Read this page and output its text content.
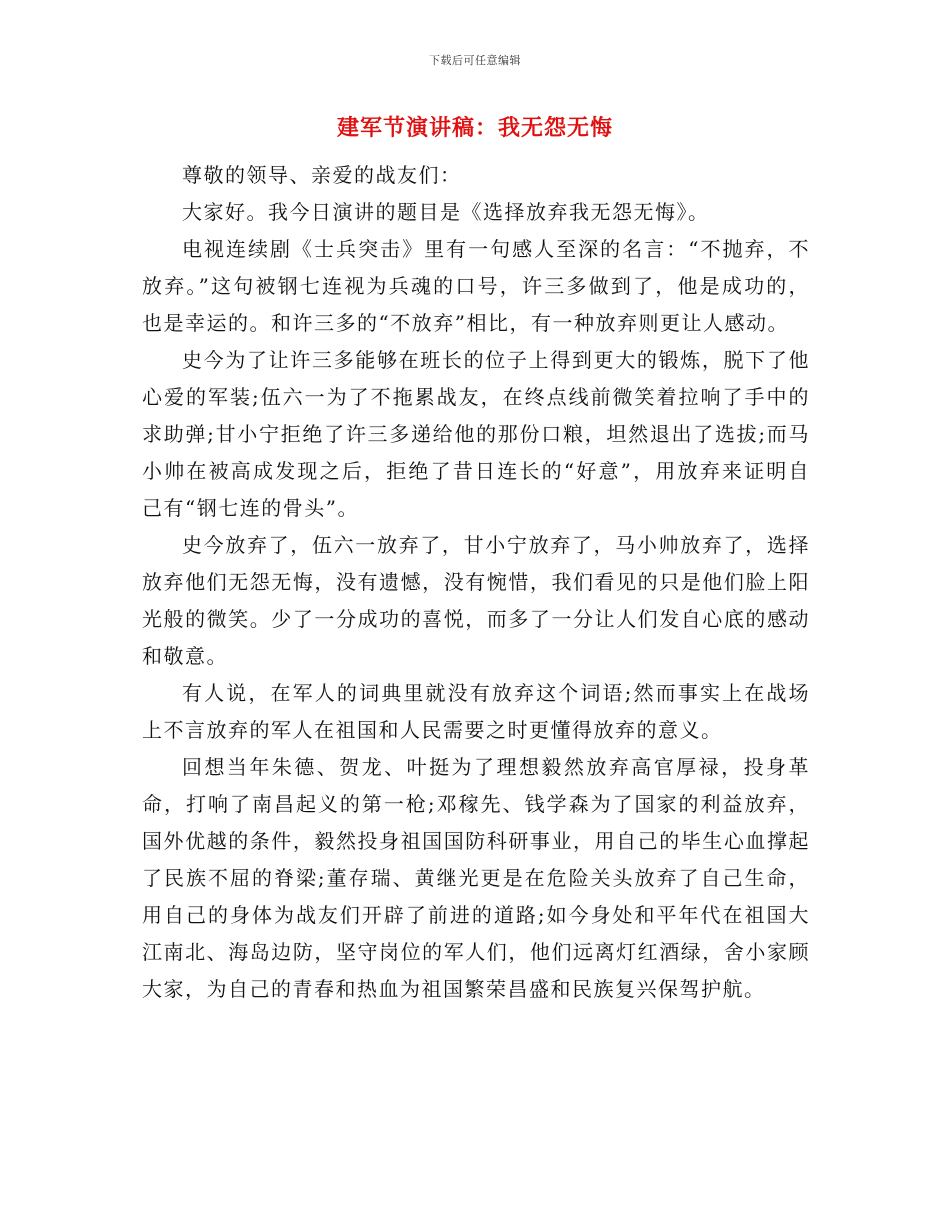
下载后可任意编辑
建军节演讲稿：我无怨无悔

尊敬的领导、亲爱的战友们：

大家好。我今日演讲的题目是《选择放弃我无怨无悔》。

电视连续剧《士兵突击》里有一句感人至深的名言：“不抛弃，不放弃。”这句被钢七连视为兵魂的口号，许三多做到了，他是成功的，也是幸运的。和许三多的“不放弃”相比，有一种放弃则更让人感动。

史今为了让许三多能够在班长的位子上得到更大的锻炼，脱下了他心爱的军装;伍六一为了不拖累战友，在终点线前微笑着拉响了手中的求助弹;甘小宁拒绝了许三多递给他的那份口粮，坦然退出了选拔;而马小帅在被高成发现之后，拒绝了昔日连长的“好意”，用放弃来证明自己有“钢七连的骨头”。

史今放弃了，伍六一放弃了，甘小宁放弃了，马小帅放弃了，选择放弃他们无怨无悔，没有遗憾，没有惋惜，我们看见的只是他们脸上阳光般的微笑。少了一分成功的喜悦，而多了一分让人们发自心底的感动和敬意。

有人说，在军人的词典里就没有放弃这个词语;然而事实上在战场上不言放弃的军人在祖国和人民需要之时更懂得放弃的意义。

回想当年朱德、贺龙、叶挺为了理想毅然放弃高官厚禄，投身革命，打响了南昌起义的第一枪;邓稼先、钱学森为了国家的利益放弃，国外优越的条件，毅然投身祖国国防科研事业，用自己的毕生心血撑起了民族不屈的脊梁;董存瑞、黄继光更是在危险关头放弃了自己生命，用自己的身体为战友们开辟了前进的道路;如今身处和平年代在祖国大江南北、海岛边防，坚守岗位的军人们，他们远离灯红酒绿，舍小家顾大家，为自己的青春和热血为祖国繁荣昌盛和民族复兴保驾护航。
